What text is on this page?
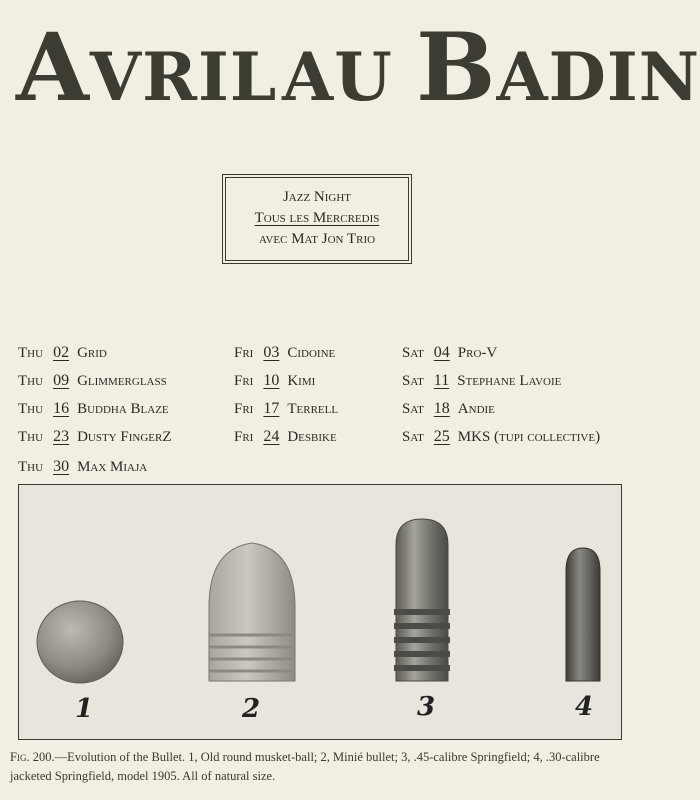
Avril au Badin
Jazz Night
Tous les Mercredis
avec Mat Jon Trio
Thu 02 Grid
Thu 09 Glimmerglass
Thu 16 Buddha Blaze
Thu 23 Dusty FingerZ
Thu 30 Max Miaja
Fri 03 Cidoine
Fri 10 Kimi
Fri 17 Terrell
Fri 24 Desbike
Sat 04 Pro-V
Sat 11 Stephane Lavoie
Sat 18 Andie
Sat 25 MKS (tupi collective)
1	2	3	4
Fig. 200.—Evolution of the Bullet. 1, Old round musket-ball; 2, Minié bullet; 3, .45-calibre Springfield; 4, .30-calibre jacketed Springfield, model 1905. All of natural size.
